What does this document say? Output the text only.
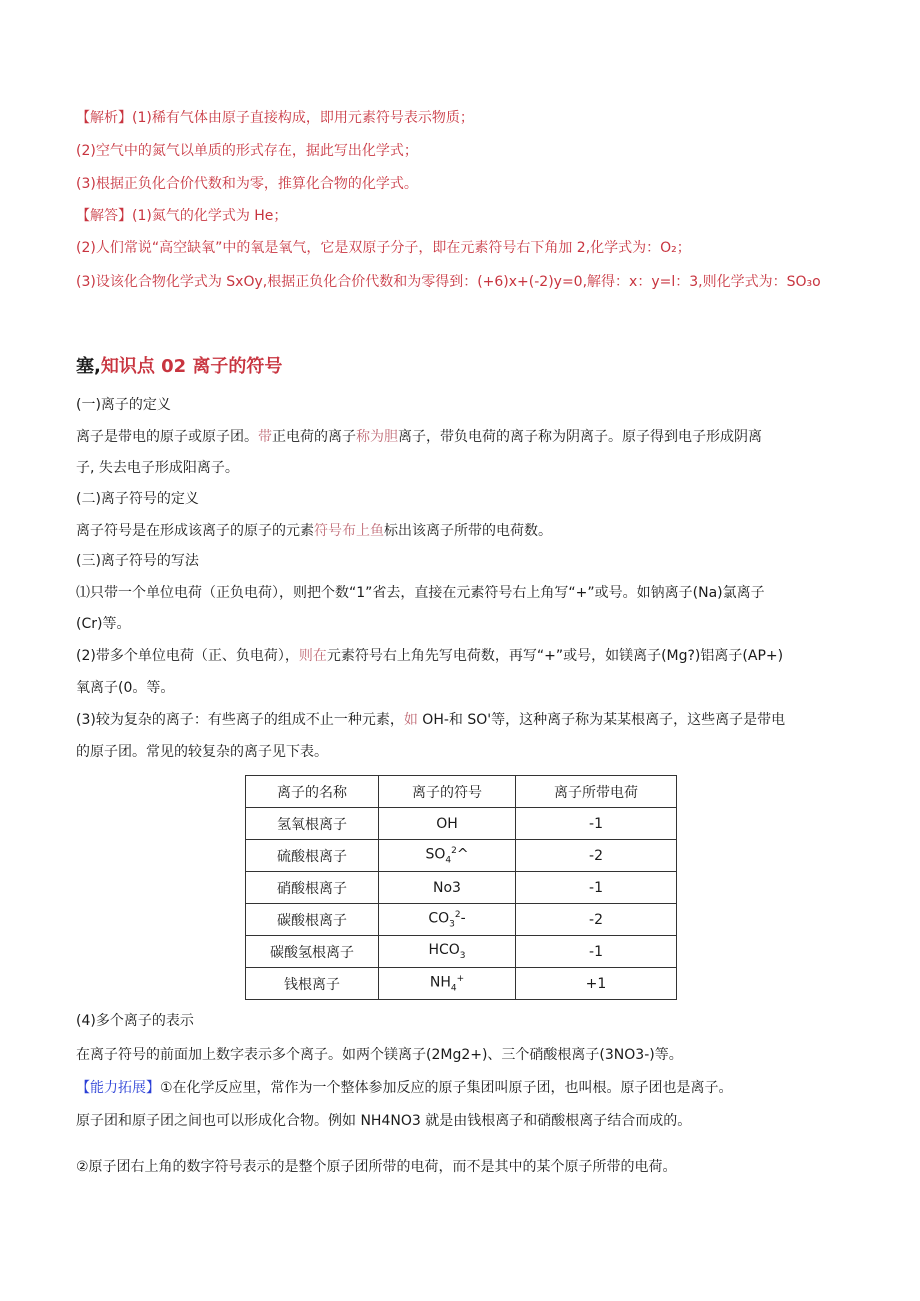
【解析】(1)稀有气体由原子直接构成，即用元素符号表示物质；
(2)空气中的氮气以单质的形式存在，据此写出化学式；
(3)根据正负化合价代数和为零，推算化合物的化学式。
【解答】(1)氮气的化学式为 He；
(2)人们常说“高空缺氧”中的氧是氧气，它是双原子分子，即在元素符号右下角加 2,化学式为：O₂；
(3)设该化合物化学式为 SxOy,根据正负化合价代数和为零得到：(+6)x+(-2)y=0,解得：x：y=l：3,则化学式为：SO₃o
塞,知识点 02 离子的符号
(一)离子的定义
离子是带电的原子或原子团。带正电荷的离子称为胆离子，带负电荷的离子称为阴离子。原子得到电子形成阴离
子, 失去电子形成阳离子。
(二)离子符号的定义
离子符号是在形成该离子的原子的元素符号布上鱼标出该离子所带的电荷数。
(三)离子符号的写法
⑴只带一个单位电荷（正负电荷），则把个数“1”省去，直接在元素符号右上角写“+”或号。如钠离子(Na)氯离子
(Cr)等。
(2)带多个单位电荷（正、负电荷），则在元素符号右上角先写电荷数，再写“+”或号，如镁离子(Mg?)铝离子(AP+)
氧离子(0。等。
(3)较为复杂的离子：有些离子的组成不止一种元素，如 OH-和 SO'等，这种离子称为某某根离子，这些离子是带电
的原子团。常见的较复杂的离子见下表。
离子的名称	离子的符号	离子所带电荷
氢氧根离子	OH	-1
硫酸根离子	$SO_4^2\^{}$	-2
硝酸根离子	No3	-1
碳酸根离子	$CO_3^2-$	-2
碳酸氢根离子	$HCO_3$	-1
钱根离子	$NH_4^+$	+1
(4)多个离子的表示
在离子符号的前面加上数字表示多个离子。如两个镁离子(2Mg2+)、三个硝酸根离子(3NO3-)等。
【能力拓展】①在化学反应里，常作为一个整体参加反应的原子集团叫原子团，也叫根。原子团也是离子。
原子团和原子团之间也可以形成化合物。例如 NH4NO3 就是由钱根离子和硝酸根离子结合而成的。
②原子团右上角的数字符号表示的是整个原子团所带的电荷，而不是其中的某个原子所带的电荷。
